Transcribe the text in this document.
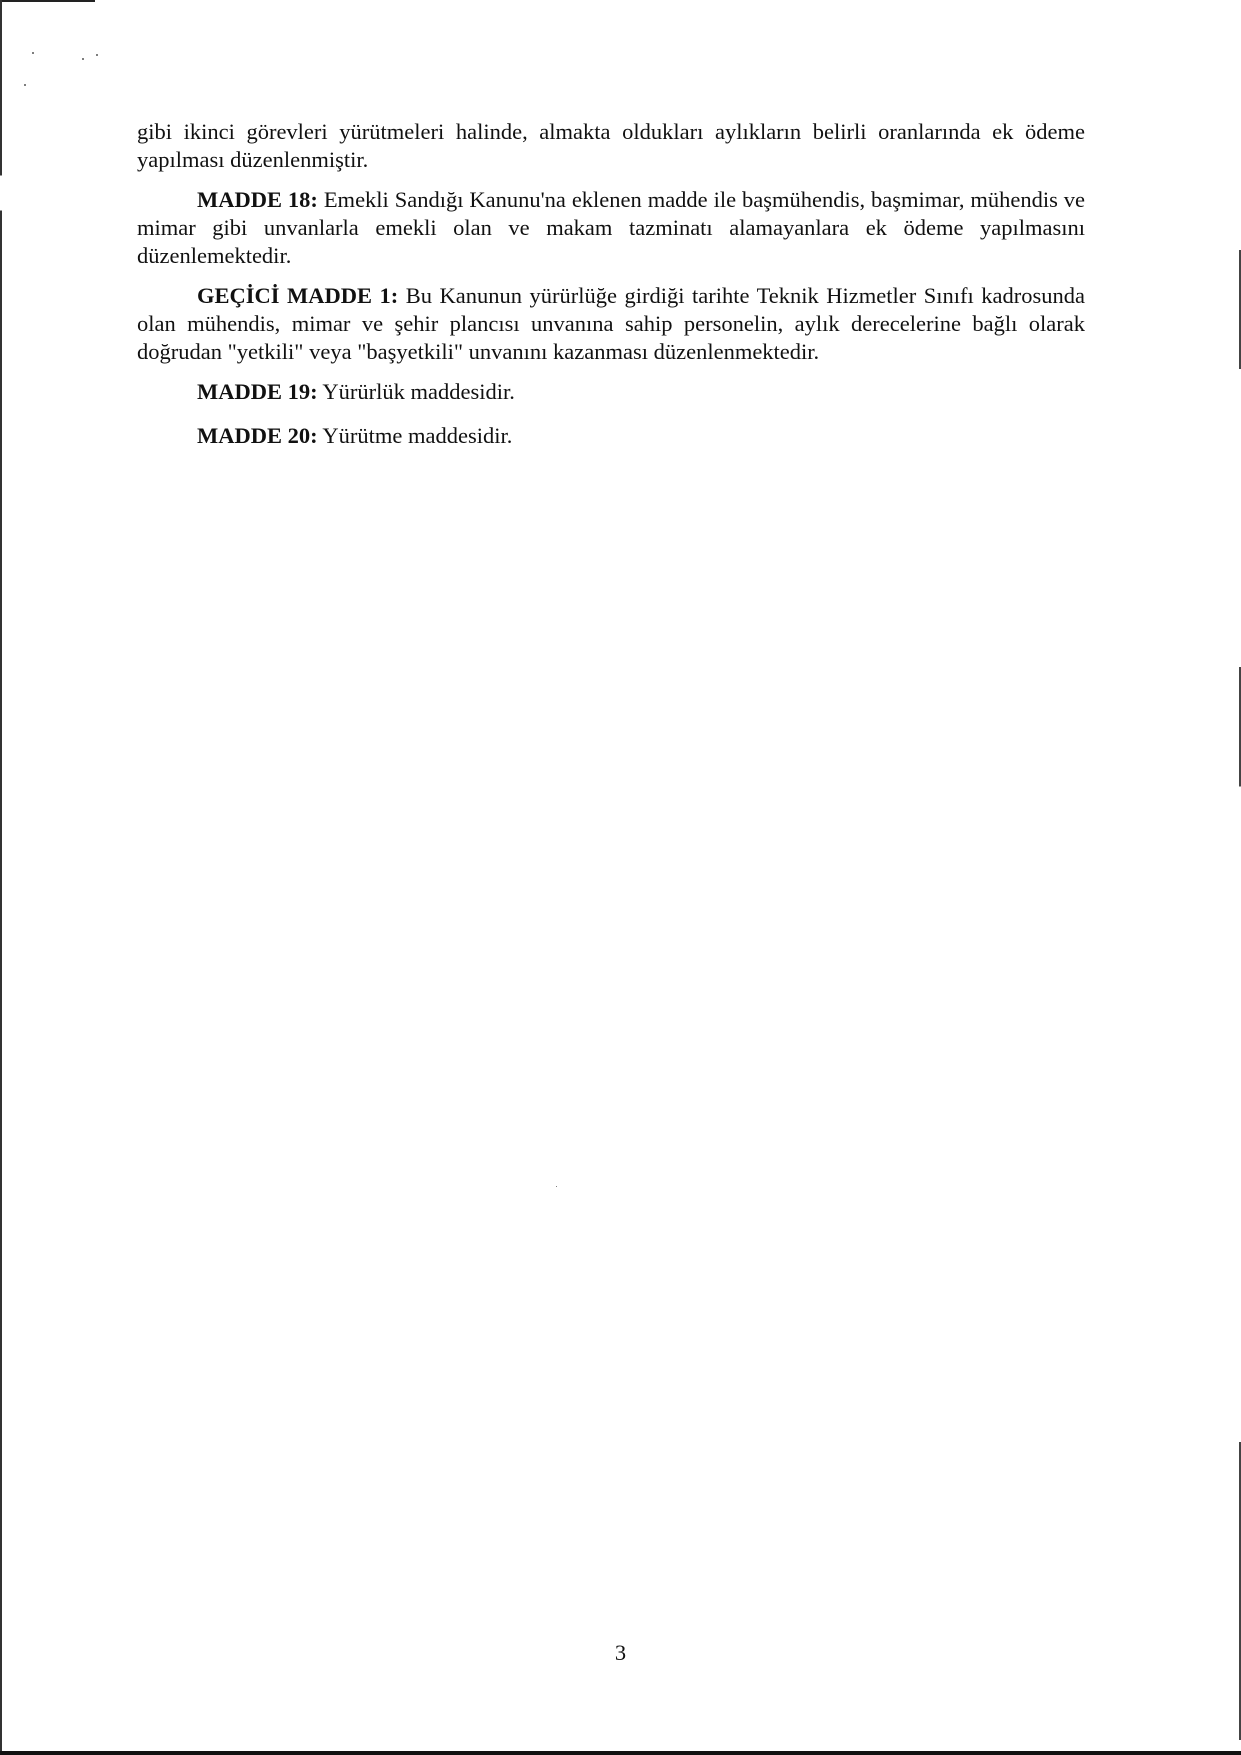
gibi ikinci görevleri yürütmeleri halinde, almakta oldukları aylıkların belirli oranlarında ek ödeme yapılması düzenlenmiştir.

MADDE 18: Emekli Sandığı Kanunu'na eklenen madde ile başmühendis, başmimar, mühendis ve mimar gibi unvanlarla emekli olan ve makam tazminatı alamayanlara ek ödeme yapılmasını düzenlemektedir.

GEÇİCİ MADDE 1: Bu Kanunun yürürlüğe girdiği tarihte Teknik Hizmetler Sınıfı kadrosunda olan mühendis, mimar ve şehir plancısı unvanına sahip personelin, aylık derecelerine bağlı olarak doğrudan "yetkili" veya "başyetkili" unvanını kazanması düzenlenmektedir.

MADDE 19: Yürürlük maddesidir.

MADDE 20: Yürütme maddesidir.

3
